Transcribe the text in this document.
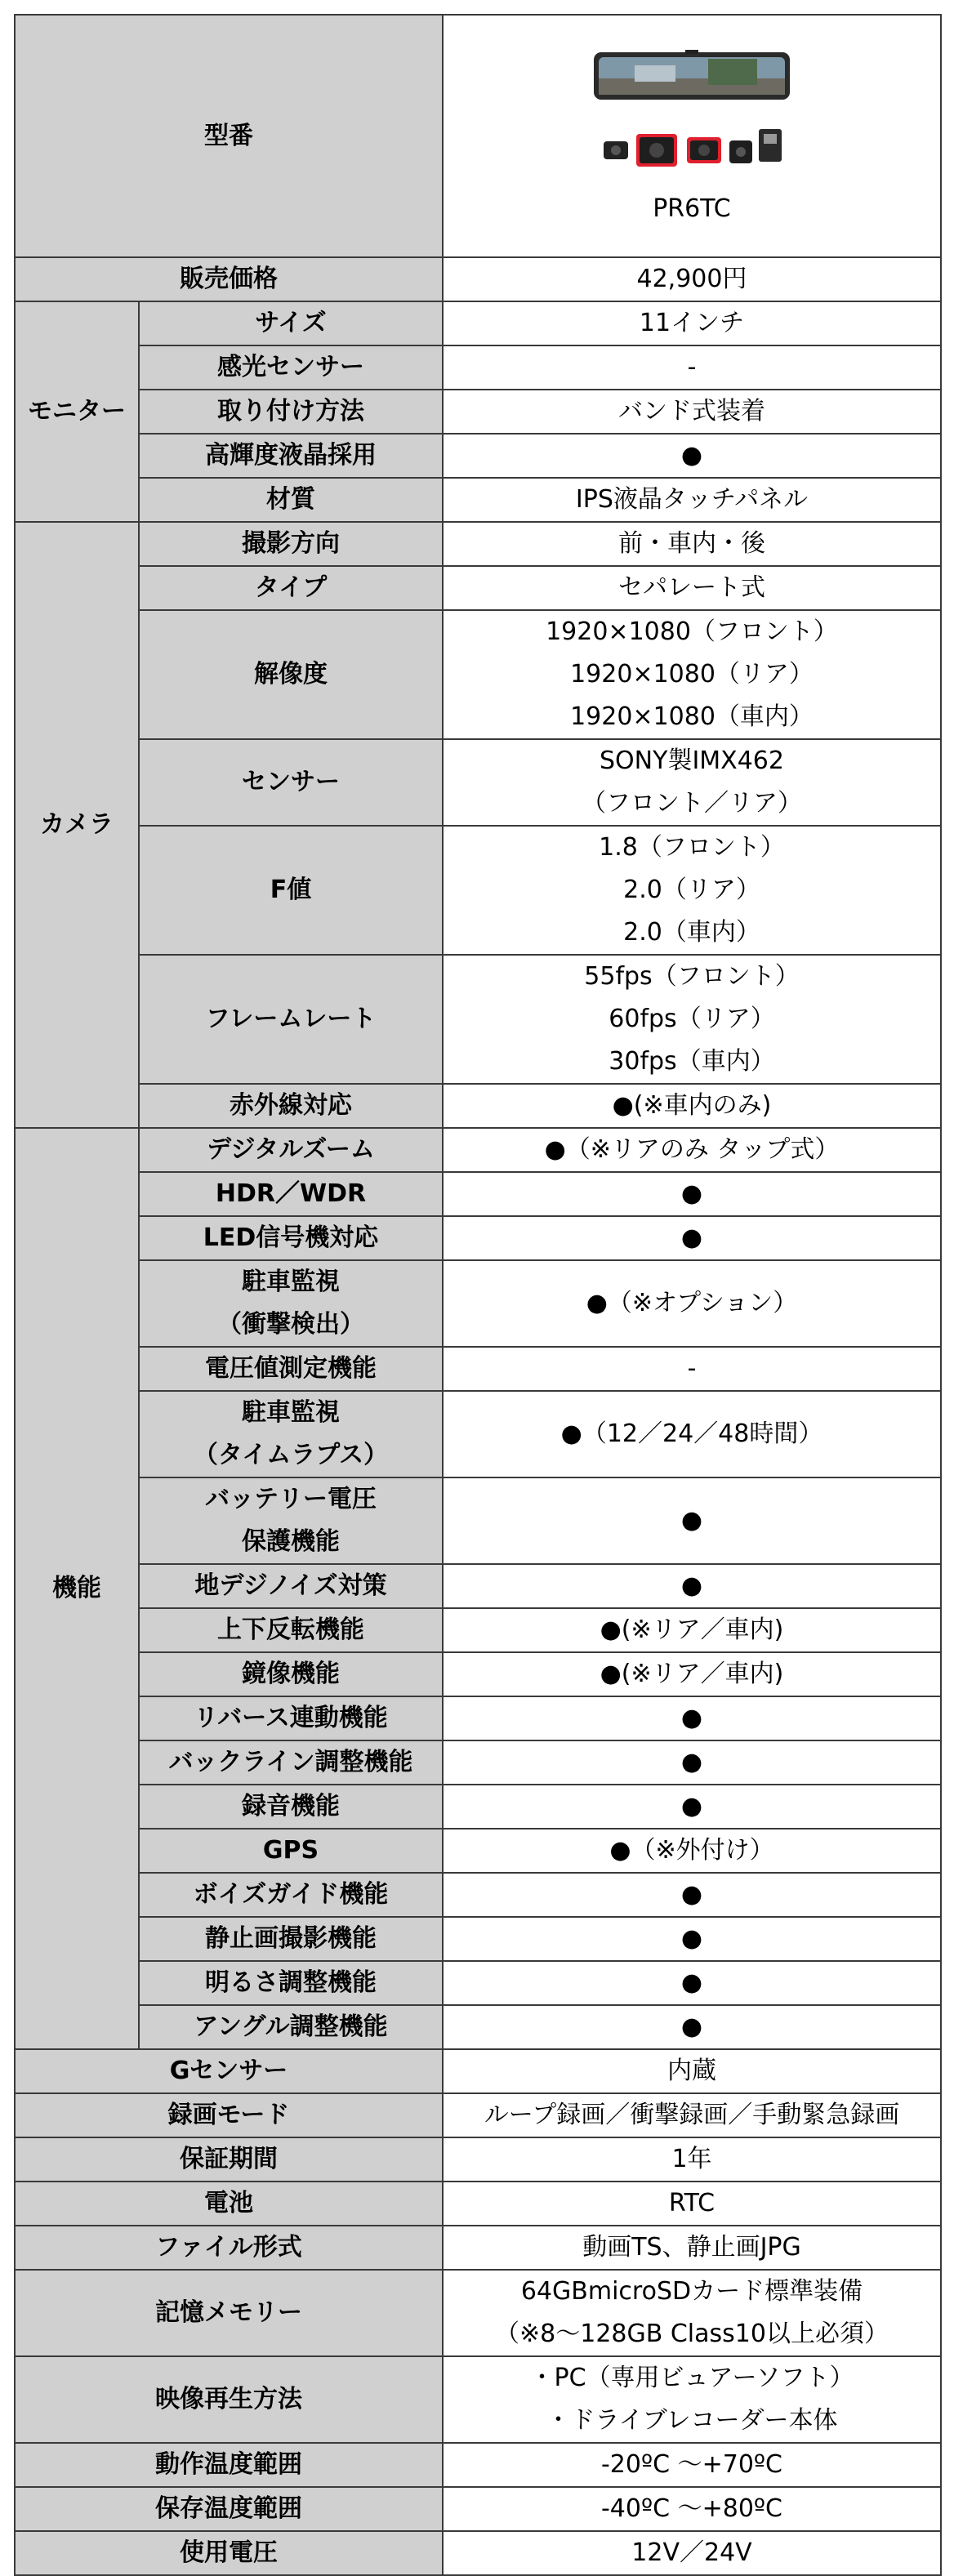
型番		PR6TC

販売価格		42,900円

モニター	サイズ	11インチ

	感光センサー	-

	取り付け方法	バンド式装着

	高輝度液晶採用	●

	材質	IPS液晶タッチパネル

カメラ	撮影方向	前・車内・後

	タイプ	セパレート式

	解像度	1920×1080（フロント）
1920×1080（リア）
1920×1080（車内）

	センサー	SONY製IMX462
（フロント／リア）

	F値	1.8（フロント）
2.0（リア）
2.0（車内）

	フレームレート	55fps（フロント）
60fps（リア）
30fps（車内）

	赤外線対応	●(※車内のみ)

機能	デジタルズーム	●（※リアのみ タップ式）

	HDR／WDR	●

	LED信号機対応	●

	駐車監視
（衝撃検出）	●（※オプション）

	電圧値測定機能	-

	駐車監視
（タイムラプス）	●（12／24／48時間）

	バッテリー電圧
保護機能	●

	地デジノイズ対策	●

	上下反転機能	●(※リア／車内)

	鏡像機能	●(※リア／車内)

	リバース連動機能	●

	バックライン調整機能	●

	録音機能	●

	GPS	●（※外付け）

	ボイズガイド機能	●

	静止画撮影機能	●

	明るさ調整機能	●

	アングル調整機能	●

Gセンサー		内蔵

録画モード		ループ録画／衝撃録画／手動緊急録画

保証期間		1年

電池		RTC

ファイル形式		動画TS、静止画JPG

記憶メモリー		64GBmicroSDカード標準装備
（※8～128GB Class10以上必須）

映像再生方法		・PC（専用ビュアーソフト）
・ドライブレコーダー本体

動作温度範囲		-20ºC ～+70ºC

保存温度範囲		-40ºC ～+80ºC

使用電圧		12V／24V
